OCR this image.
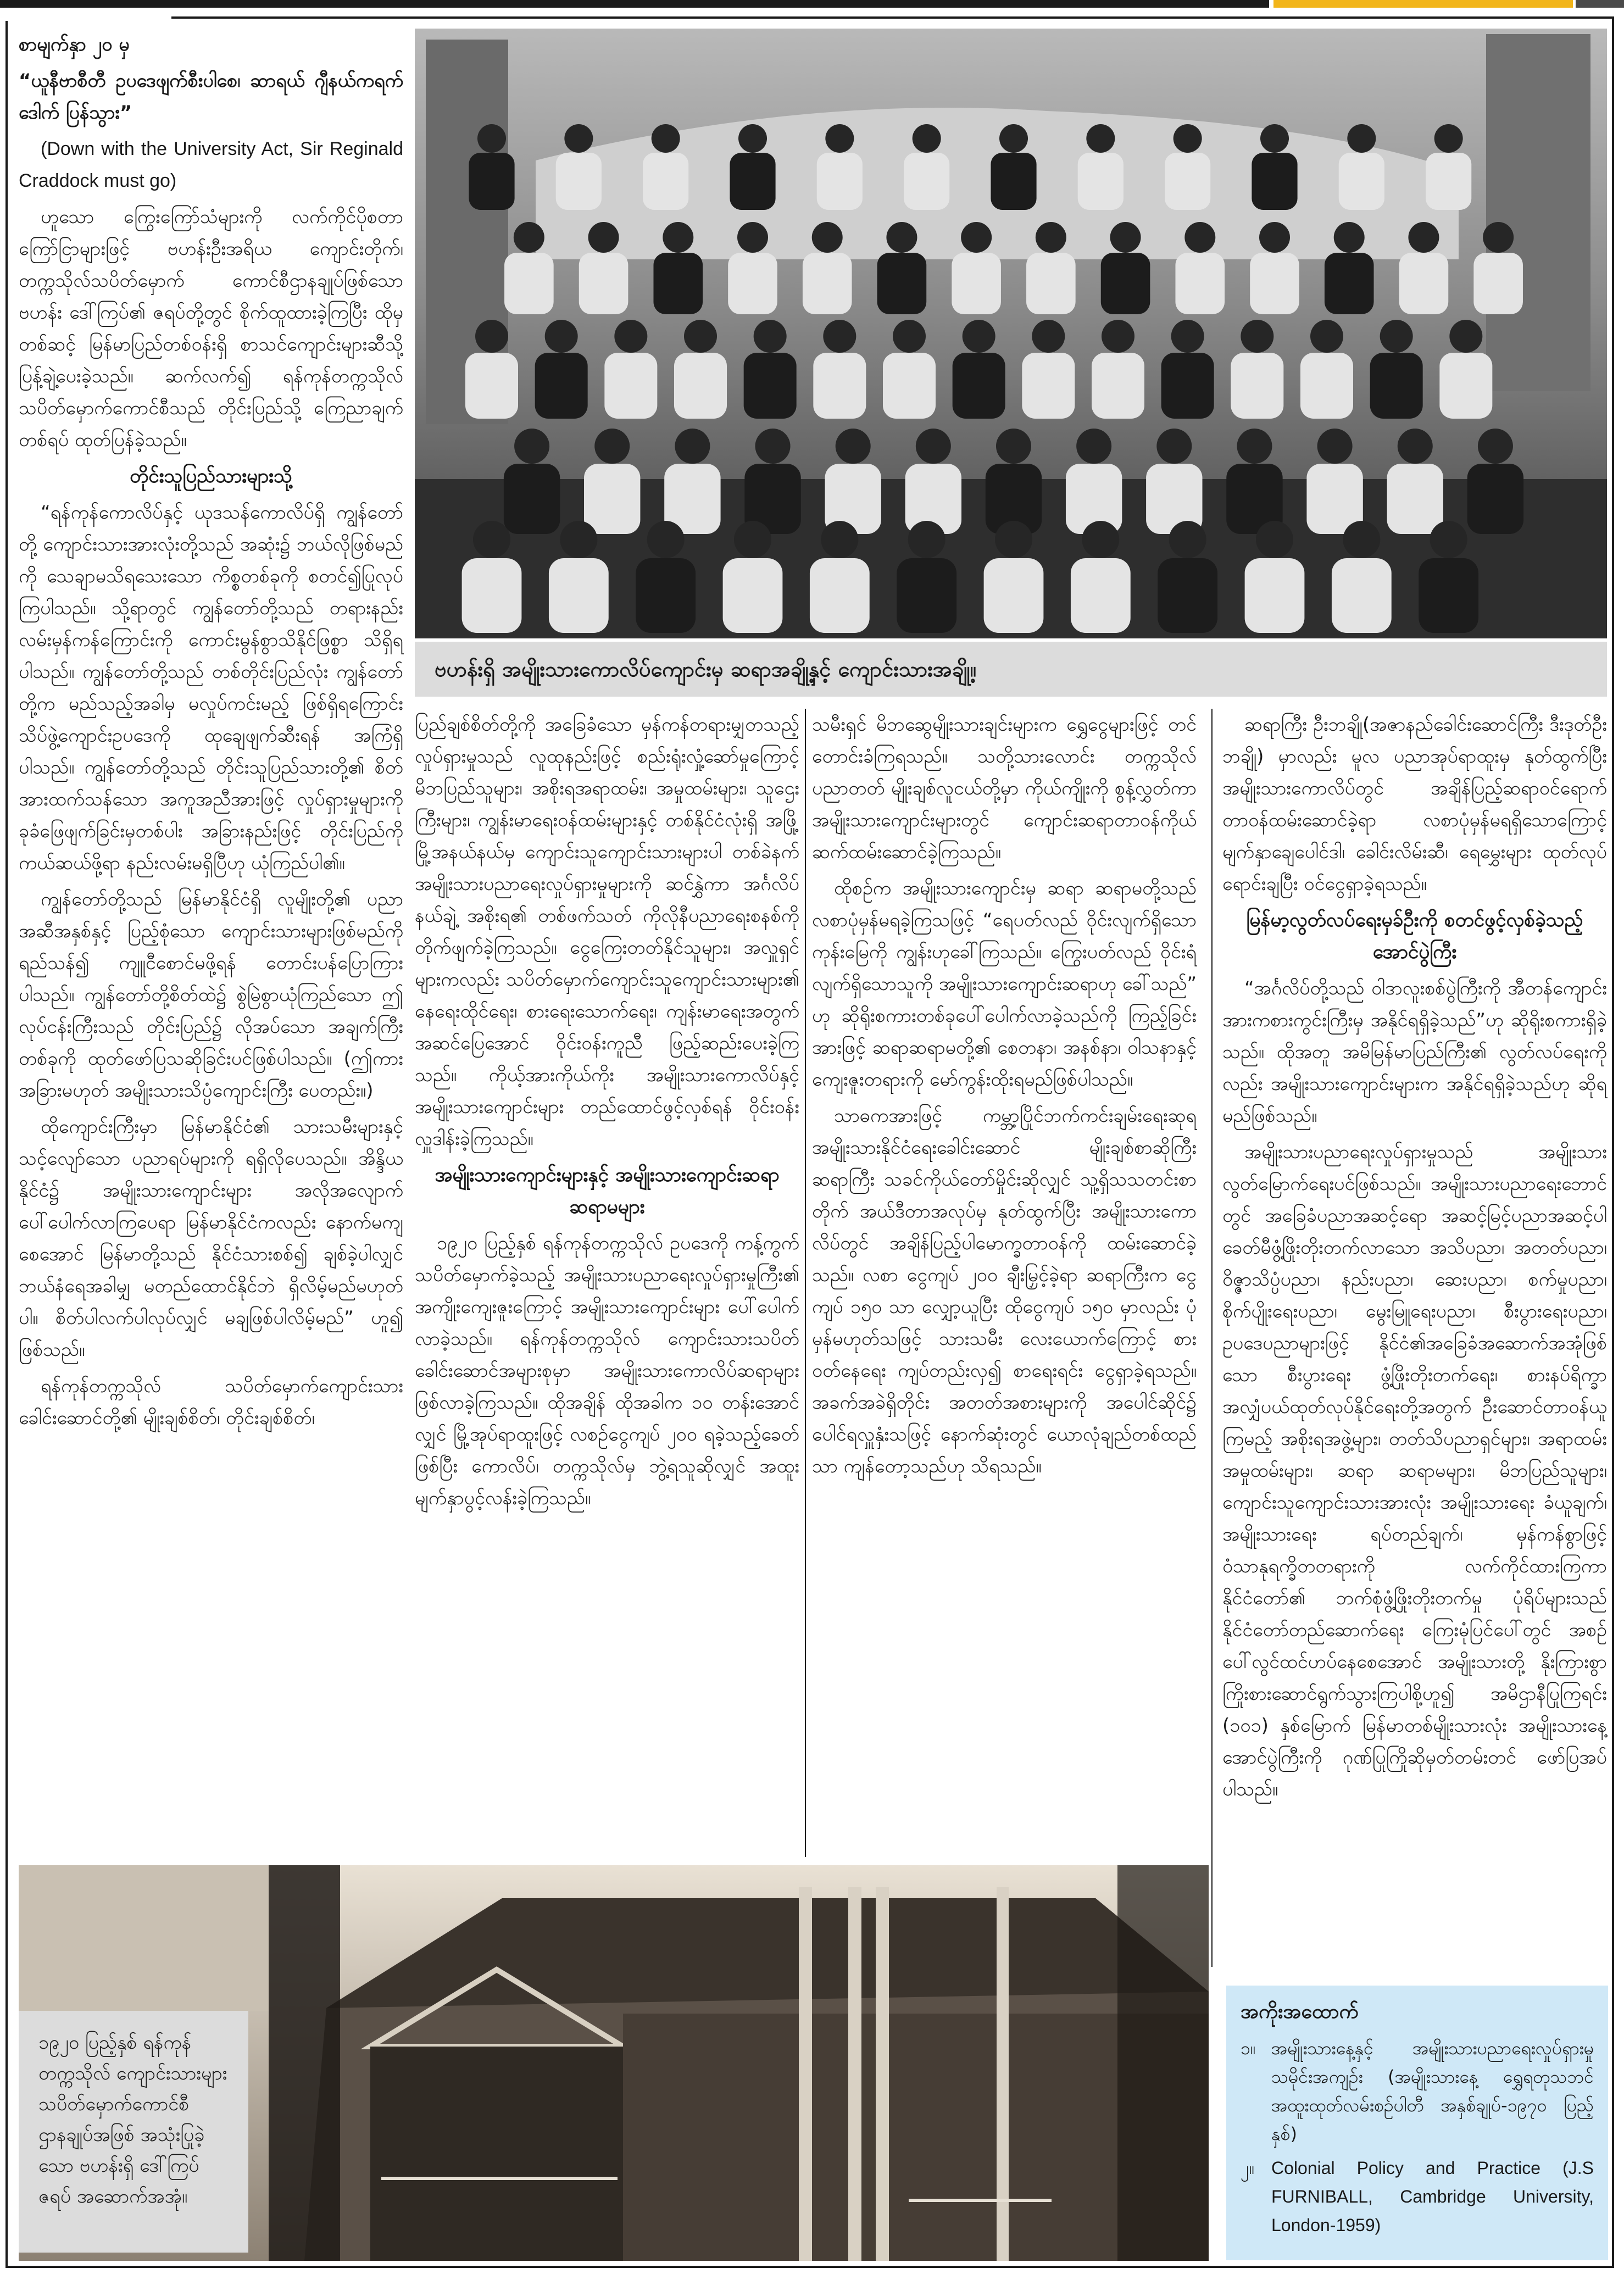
စာမျက်နှာ ၂၀ မှ

“ယူနီဗာစီတီ ဥပဒေဖျက်စီးပါစေ၊ ဆာရယ် ဂျီနယ်ကရက်ဒေါက် ပြန်သွား”

(Down with the University Act, Sir Reginald Craddock must go)

ဟူသော ကြွေးကြော်သံများကို လက်ကိုင်ပိုစတာ ကြော်ငြာများဖြင့် ဗဟန်းဦးအရိယ ကျောင်းတိုက်၊ တက္ကသိုလ်သပိတ်မှောက် ကောင်စီဌာနချုပ်ဖြစ်သော ဗဟန်း ဒေါ်ကြပ်၏ ဇရပ်တို့တွင် စိုက်ထူထားခဲ့ကြပြီး ထိုမှတစ်ဆင့် မြန်မာပြည်တစ်ဝန်းရှိ စာသင်ကျောင်းများဆီသို့ ပြန့်ချဲ့ပေးခဲ့သည်။ ဆက်လက်၍ ရန်ကုန်တက္ကသိုလ် သပိတ်မှောက်ကောင်စီသည် တိုင်းပြည်သို့ ကြေညာချက်တစ်ရပ် ထုတ်ပြန်ခဲ့သည်။

တိုင်းသူပြည်သားများသို့

“ရန်ကုန်ကောလိပ်နှင့် ယုဒသန်ကောလိပ်ရှိ ကျွန်တော်တို့ ကျောင်းသားအားလုံးတို့သည် အဆုံး၌ ဘယ်လိုဖြစ်မည်ကို သေချာမသိရသေးသော ကိစ္စတစ်ခုကို စတင်၍ပြုလုပ်ကြပါသည်။ သို့ရာတွင် ကျွန်တော်တို့သည် တရားနည်းလမ်းမှန်ကန်ကြောင်းကို ကောင်းမွန်စွာသိနိုင်ဖြစ္စာ သိရှိရပါသည်။ ကျွန်တော်တို့သည် တစ်တိုင်းပြည်လုံး ကျွန်တော်တို့က မည်သည့်အခါမှ မလှုပ်ကင်းမည့် ဖြစ်ရှိရကြောင်း သိပ်ဖွဲ့ကျောင်းဥပဒေကို ထုချေဖျက်ဆီးရန် အကြံရှိပါသည်။ ကျွန်တော်တို့သည် တိုင်းသူပြည်သားတို့၏ စိတ်အားထက်သန်သော အကူအညီအားဖြင့် လှုပ်ရှားမှုများကို ခုခံဖြေဖျက်ခြင်းမှတစ်ပါး အခြားနည်းဖြင့် တိုင်းပြည်ကို ကယ်ဆယ်ဖို့ရာ နည်းလမ်းမရှိပြီဟု ယုံကြည်ပါ၏။

ကျွန်တော်တို့သည် မြန်မာနိုင်ငံရှိ လူမျိုးတို့၏ ပညာအဆီအနှစ်နှင့် ပြည့်စုံသော ကျောင်းသားများဖြစ်မည်ကို ရည်သန်၍ ကျူငီစောင်မဖို့ရန် တောင်းပန်ပြောကြားပါသည်။ ကျွန်တော်တို့စိတ်ထဲ၌ စွဲမြဲစွာယုံကြည်သော ဤလုပ်ငန်းကြီးသည် တိုင်းပြည်၌ လိုအပ်သော အချက်ကြီးတစ်ခုကို ထုတ်ဖော်ပြသဆိုခြင်းပင်ဖြစ်ပါသည်။ (ဤကား အခြားမဟုတ် အမျိုးသားသိပ္ပံကျောင်းကြီး ပေတည်း။)

ထိုကျောင်းကြီးမှာ မြန်မာနိုင်ငံ၏ သားသမီးများနှင့် သင့်လျော်သော ပညာရပ်များကို ရရှိလိုပေသည်။ အိန္ဒိယနိုင်ငံ၌ အမျိုးသားကျောင်းများ အလိုအလျောက် ပေါ်ပေါက်လာကြပေရာ မြန်မာနိုင်ငံကလည်း နောက်မကျစေအောင် မြန်မာတို့သည် နိုင်ငံသားစစ်၍ ချစ်ခဲ့ပါလျှင် ဘယ်နံရေအခါမျှ မတည်ထောင်နိုင်ဘဲ ရှိလိမ့်မည်မဟုတ်ပါ။ စိတ်ပါလက်ပါလုပ်လျှင် မချဖြစ်ပါလိမ့်မည်” ဟူ၍ ဖြစ်သည်။

ရန်ကုန်တက္ကသိုလ် သပိတ်မှောက်ကျောင်းသားခေါင်းဆောင်တို့၏ မျိုးချစ်စိတ်၊ တိုင်းချစ်စိတ်၊

ဗဟန်းရှိ အမျိုးသားကောလိပ်ကျောင်းမှ ဆရာအချို့နှင့် ကျောင်းသားအချို့။

ပြည်ချစ်စိတ်တို့ကို အခြေခံသော မှန်ကန်တရားမျှတသည့် လှုပ်ရှားမှုသည် လူထုနည်းဖြင့် စည်းရုံးလှုံ့ဆော်မှုကြောင့် မိဘပြည်သူများ၊ အစိုးရအရာထမ်း၊ အမှုထမ်းများ၊ သူဌေးကြီးများ၊ ကျွန်းမာရေးဝန်ထမ်းများနှင့် တစ်နိုင်ငံလုံးရှိ အဖြို့မြို့အနယ်နယ်မှ ကျောင်းသူကျောင်းသားများပါ တစ်ခဲနက် အမျိုးသားပညာရေးလှုပ်ရှားမှုများကို ဆင်နွှဲကာ အင်္ဂလိပ်နယ်ချဲ့ အစိုးရ၏ တစ်ဖက်သတ် ကိုလိုနီပညာရေးစနစ်ကို တိုက်ဖျက်ခဲ့ကြသည်။ ငွေကြေးတတ်နိုင်သူများ၊ အလှူရှင်များကလည်း သပိတ်မှောက်ကျောင်းသူကျောင်းသားများ၏ နေရေးထိုင်ရေး၊ စားရေးသောက်ရေး၊ ကျန်းမာရေးအတွက် အဆင်ပြေအောင် ဝိုင်းဝန်းကူညီ ဖြည့်ဆည်းပေးခဲ့ကြသည်။ ကိုယ့်အားကိုယ်ကိုး အမျိုးသားကောလိပ်နှင့် အမျိုးသားကျောင်းများ တည်ထောင်ဖွင့်လှစ်ရန် ဝိုင်းဝန်းလှူဒါန်းခဲ့ကြသည်။

အမျိုးသားကျောင်းများနှင့် အမျိုးသားကျောင်းဆရာ ဆရာမများ

၁၉၂၀ ပြည့်နှစ် ရန်ကုန်တက္ကသိုလ် ဥပဒေကို ကန့်ကွက်သပိတ်မှောက်ခဲ့သည့် အမျိုးသားပညာရေးလှုပ်ရှားမှုကြီး၏ အကျိုးကျေးဇူးကြောင့် အမျိုးသားကျောင်းများ ပေါ်ပေါက်လာခဲ့သည်။ ရန်ကုန်တက္ကသိုလ် ကျောင်းသားသပိတ်ခေါင်းဆောင်အများစုမှာ အမျိုးသားကောလိပ်ဆရာများ ဖြစ်လာခဲ့ကြသည်။ ထိုအချိန် ထိုအခါက ၁၀ တန်းအောင်လျှင် မြို့အုပ်ရာထူးဖြင့် လစဉ်ငွေကျပ် ၂၀၀ ရခဲ့သည့်ခေတ်ဖြစ်ပြီး ကောလိပ်၊ တက္ကသိုလ်မှ ဘွဲ့ရသူဆိုလျှင် အထူးမျက်နှာပွင့်လန်းခဲ့ကြသည်။

သမီးရှင် မိဘဆွေမျိုးသားချင်းများက ရွှေငွေများဖြင့် တင်တောင်းခံကြရသည်။ သတို့သားလောင်း တက္ကသိုလ်ပညာတတ် မျိုးချစ်လူငယ်တို့မှာ ကိုယ်ကျိုးကို စွန့်လွှတ်ကာ အမျိုးသားကျောင်းများတွင် ကျောင်းဆရာတာဝန်ကိုယ် ဆက်ထမ်းဆောင်ခဲ့ကြသည်။

ထိုစဉ်က အမျိုးသားကျောင်းမှ ဆရာ ဆရာမတို့သည် လစာပုံမှန်မရခဲ့ကြသဖြင့် “ရေပတ်လည် ဝိုင်းလျက်ရှိသော ကုန်းမြေကို ကျွန်းဟုခေါ်ကြသည်။ ကြွေးပတ်လည် ဝိုင်းရံလျက်ရှိသောသူကို အမျိုးသားကျောင်းဆရာဟု ခေါ်သည်” ဟု ဆိုရိုးစကားတစ်ခုပေါ်ပေါက်လာခဲ့သည်ကို ကြည့်ခြင်းအားဖြင့် ဆရာဆရာမတို့၏ စေတနာ၊ အနစ်နာ၊ ဝါသနာနှင့် ကျေးဇူးတရားကို မော်ကွန်းထိုးရမည်ဖြစ်ပါသည်။

သာဓကအားဖြင့် ကမ္ဘာ့ပြိုင်ဘက်ကင်းချမ်းရေးဆုရ အမျိုးသားနိုင်ငံရေးခေါင်းဆောင် မျိုးချစ်စာဆိုကြီး ဆရာကြီး သခင်ကိုယ်တော်မှိုင်းဆိုလျှင် သူ့ရှိသသတင်းစာတိုက် အယ်ဒီတာအလုပ်မှ နုတ်ထွက်ပြီး အမျိုးသားကောလိပ်တွင် အချိန်ပြည့်ပါမောက္ခတာဝန်ကို ထမ်းဆောင်ခဲ့သည်။ လစာ ငွေကျပ် ၂၀၀ ချီးမြှင့်ခဲ့ရာ ဆရာကြီးက ငွေကျပ် ၁၅၀ သာ လျှော့ယူပြီး ထိုငွေကျပ် ၁၅၀ မှာလည်း ပုံမှန်မဟုတ်သဖြင့် သားသမီး လေးယောက်ကြောင့် စားဝတ်နေရေး ကျပ်တည်းလှ၍ စာရေးရင်း ငွေရှာခဲ့ရသည်။ အခက်အခဲရှိတိုင်း အတတ်အစားများကို အပေါင်ဆိုင်၌ ပေါင်ရလှူနှံးသဖြင့် နောက်ဆုံးတွင် ယောလုံချည်တစ်ထည်သာ ကျန်တော့သည်ဟု သိရသည်။

ဆရာကြီး ဦးဘချို(အဇာနည်ခေါင်းဆောင်ကြီး ဒီးဒုတ်ဦးဘချို) မှာလည်း မူလ ပညာအုပ်ရာထူးမှ နုတ်ထွက်ပြီး အမျိုးသားကောလိပ်တွင် အချိန်ပြည့်ဆရာဝင်ရောက် တာဝန်ထမ်းဆောင်ခဲ့ရာ လစာပုံမှန်မရရှိသောကြောင့် မျက်နှာချေပေါင်ဒါ၊ ခေါင်းလိမ်းဆီ၊ ရေမွှေးများ ထုတ်လုပ်ရောင်းချပြီး ဝင်ငွေရှာခဲ့ရသည်။

မြန်မာ့လွတ်လပ်ရေးမှခ်ဦးကို စတင်ဖွင့်လှစ်ခဲ့သည့် အောင်ပွဲကြီး

“အင်္ဂလိပ်တို့သည် ဝါဒာလူးစစ်ပွဲကြီးကို အီတန်ကျောင်း အားကစားကွင်းကြီးမှ အနိုင်ရရှိခဲ့သည်”ဟု ဆိုရိုးစကားရှိခဲ့သည်။ ထိုအတူ အမိမြန်မာပြည်ကြီး၏ လွတ်လပ်ရေးကိုလည်း အမျိုးသားကျောင်းများက အနိုင်ရရှိခဲ့သည်ဟု ဆိုရမည်ဖြစ်သည်။

အမျိုးသားပညာရေးလှုပ်ရှားမှုသည် အမျိုးသားလွတ်မြောက်ရေးပင်ဖြစ်သည်။ အမျိုးသားပညာရေးဘောင်တွင် အခြေခံပညာအဆင့်ရော အဆင့်မြင့်ပညာအဆင့်ပါ ခေတ်မီဖွံ့ဖြိုးတိုးတက်လာသော အသိပညာ၊ အတတ်ပညာ၊ ဝိဇ္ဇာသိပ္ပံပညာ၊ နည်းပညာ၊ ဆေးပညာ၊ စက်မှုပညာ၊ စိုက်ပျိုးရေးပညာ၊ မွေးမြူရေးပညာ၊ စီးပွားရေးပညာ၊ ဥပဒေပညာများဖြင့် နိုင်ငံ၏အခြေခံအဆောက်အအုံဖြစ်သော စီးပွားရေး ဖွံ့ဖြိုးတိုးတက်ရေး၊ စားနပ်ရိက္ခာ အလျှံပယ်ထုတ်လုပ်နိုင်ရေးတို့အတွက် ဦးဆောင်တာဝန်ယူကြမည့် အစိုးရအဖွဲ့များ၊ တတ်သိပညာရှင်များ၊ အရာထမ်း အမှုထမ်းများ၊ ဆရာ ဆရာမများ၊ မိဘပြည်သူများ၊ ကျောင်းသူကျောင်းသားအားလုံး အမျိုးသားရေး ခံယူချက်၊ အမျိုးသားရေး ရပ်တည်ချက်၊ မှန်ကန်စွာဖြင့် ဝံသာနုရက္ခိတတရားကို လက်ကိုင်ထားကြကာ နိုင်ငံတော်၏ ဘက်စုံဖွံ့ဖြိုးတိုးတက်မှု ပုံရိပ်များသည် နိုင်ငံတော်တည်ဆောက်ရေး ကြေးမုံပြင်ပေါ်တွင် အစဉ်ပေါ်လွင်ထင်ဟပ်နေစေအောင် အမျိုးသားတို့ နိုးကြားစွာ ကြိုးစားဆောင်ရွက်သွားကြပါစို့ဟူ၍ အမိဌာနီပြုကြရင်း (၁၀၁) နှစ်မြောက် မြန်မာတစ်မျိုးသားလုံး အမျိုးသားနေ့အောင်ပွဲကြီးကို ဂုဏ်ပြုကြိုဆိုမှတ်တမ်းတင် ဖော်ပြအပ်ပါသည်။

၁၉၂၀ ပြည့်နှစ် ရန်ကုန်တက္ကသိုလ် ကျောင်းသားများ သပိတ်မှောက်ကောင်စီဌာနချုပ်အဖြစ် အသုံးပြုခဲ့သော ဗဟန်းရှိ ဒေါ်ကြပ် ဇရပ် အဆောက်အအုံ။
အကိုးအထောက်
၁။ အမျိုးသားနေ့နှင့် အမျိုးသားပညာရေးလှုပ်ရှားမှုသမိုင်းအကျဉ်း (အမျိုးသားနေ့ ရွှေရတုသဘင် အထူးထုတ်လမ်းစဉ်ပါတီ အနှစ်ချုပ်-၁၉၇၀ ပြည့်နှစ်)
၂။ Colonial Policy and Practice (J.S FURNIBALL, Cambridge University, London-1959)
